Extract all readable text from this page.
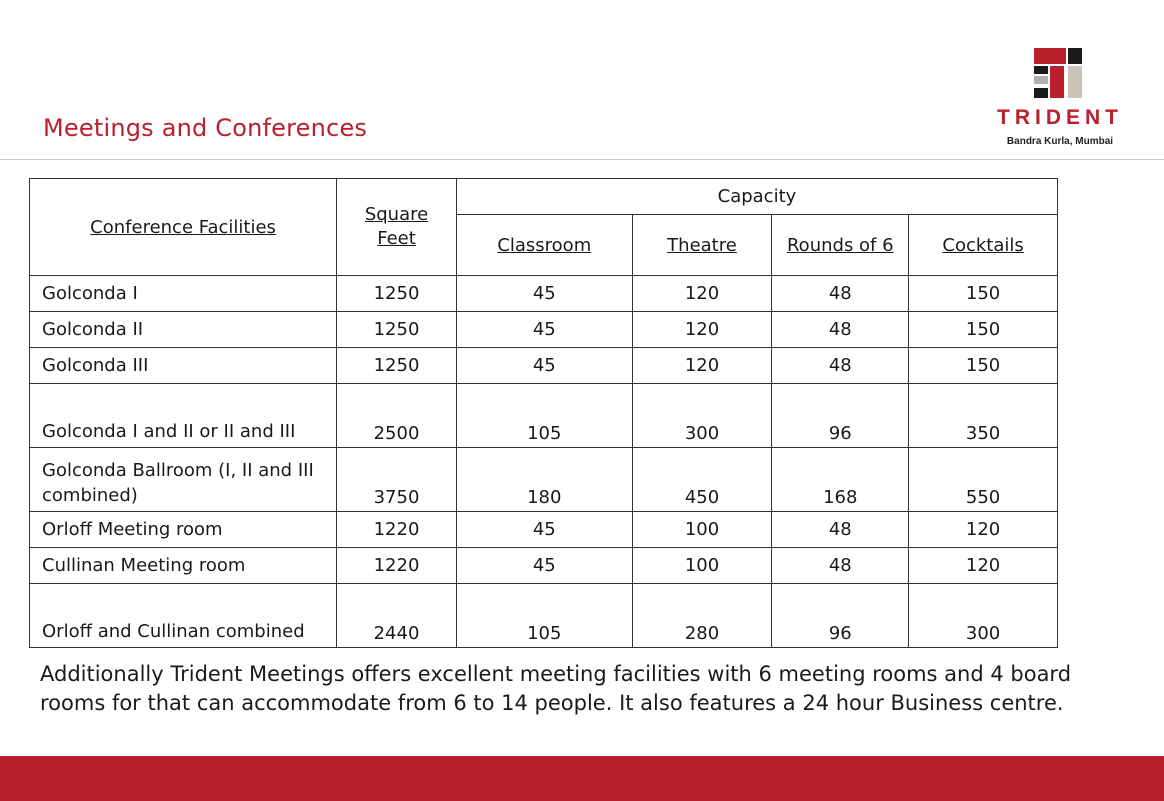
Meetings and Conferences	TRIDENT
Bandra Kurla, Mumbai
Conference Facilities	Square Feet	Capacity			
		Classroom	Theatre	Rounds of 6	Cocktails
Golconda I	1250	45	120	48	150
Golconda II	1250	45	120	48	150
Golconda III	1250	45	120	48	150
Golconda I and II or II and III	2500	105	300	96	350
Golconda Ballroom (I, II and III combined)	3750	180	450	168	550
Orloff Meeting room	1220	45	100	48	120
Cullinan Meeting room	1220	45	100	48	120
Orloff and Cullinan combined	2440	105	280	96	300
Additionally Trident Meetings offers excellent meeting facilities with 6 meeting rooms and 4 board rooms for that can accommodate from 6 to 14 people. It also features a 24 hour Business centre.
